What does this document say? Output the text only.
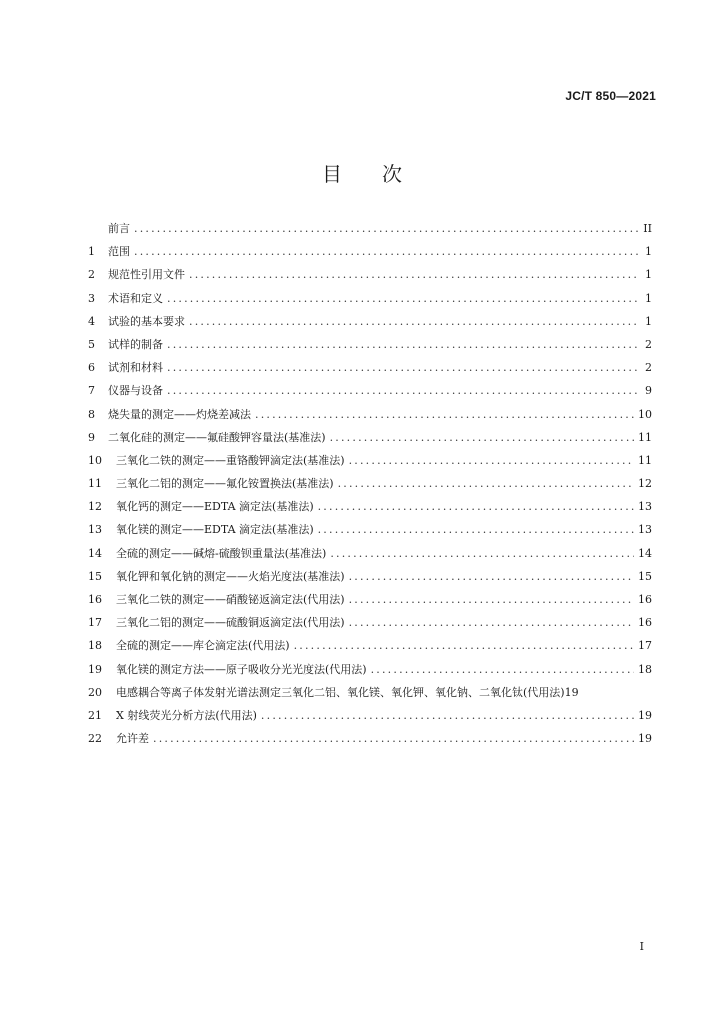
JC/T 850—2021
目 次
前言 .....	II
1	范围 .....	1
2	规范性引用文件 .....	1
3	术语和定义 .....	1
4	试验的基本要求 .....	1
5	试样的制备 .....	2
6	试剂和材料 .....	2
7	仪器与设备 .....	9
8	烧失量的测定——灼烧差减法 .....	10
9	二氧化硅的测定——氟硅酸钾容量法(基准法) .....	11
10	三氧化二铁的测定——重铬酸钾滴定法(基准法) .....	11
11	三氧化二铝的测定——氟化铵置换法(基准法) .....	12
12	氧化钙的测定——EDTA 滴定法(基准法) .....	13
13	氧化镁的测定——EDTA 滴定法(基准法) .....	13
14	全硫的测定——碱熔-硫酸钡重量法(基准法) .....	14
15	氧化钾和氧化钠的测定——火焰光度法(基准法) .....	15
16	三氧化二铁的测定——硝酸铋返滴定法(代用法) .....	16
17	三氧化二铝的测定——硫酸铜返滴定法(代用法) .....	16
18	全硫的测定——库仑滴定法(代用法) .....	17
19	氧化镁的测定方法——原子吸收分光光度法(代用法) .....	18
20	电感耦合等离子体发射光谱法测定三氧化二铝、氧化镁、氧化钾、氧化钠、二氧化钛(代用法) 19
21	X 射线荧光分析方法(代用法) .....	19
22	允许差 .....	19
I
